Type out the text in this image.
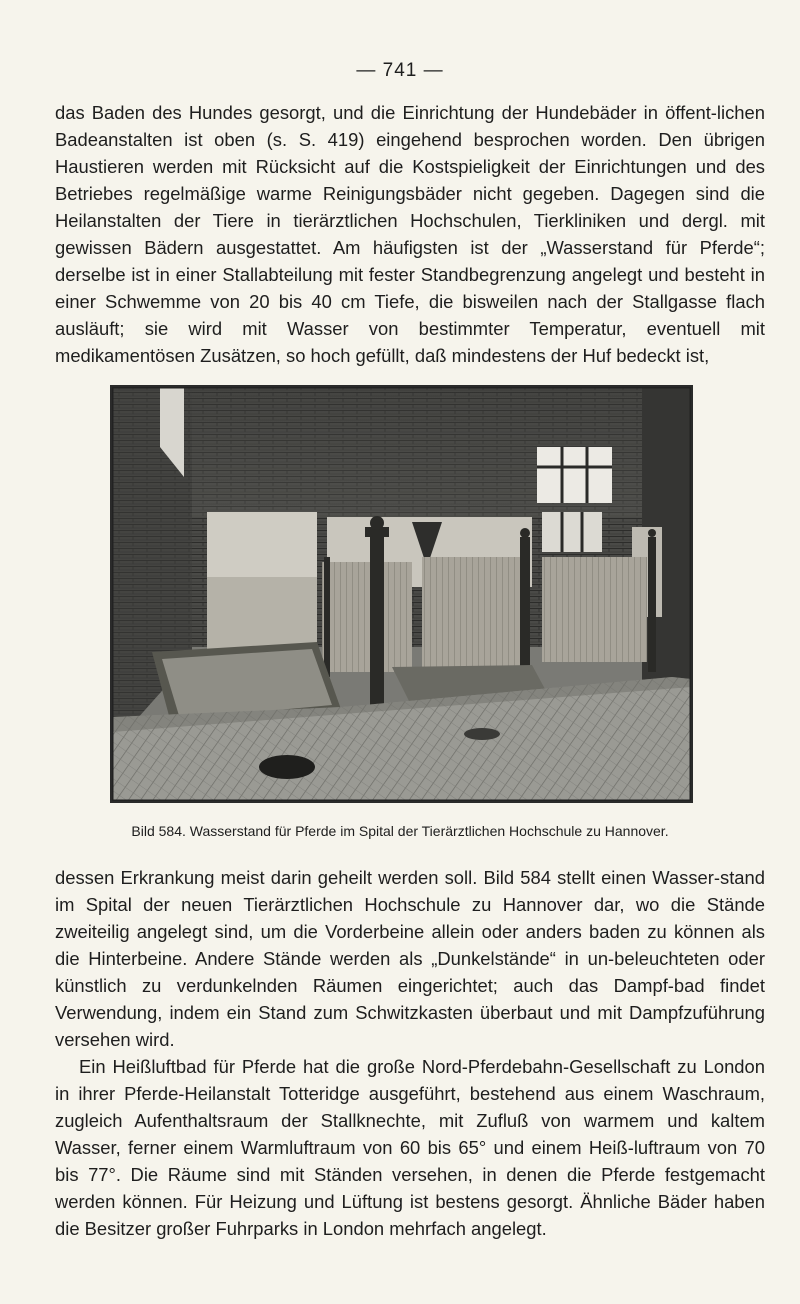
— 741 —

das Baden des Hundes gesorgt, und die Einrichtung der Hundebäder in öffent-lichen Badeanstalten ist oben (s. S. 419) eingehend besprochen worden. Den übrigen Haustieren werden mit Rücksicht auf die Kostspieligkeit der Einrichtungen und des Betriebes regelmäßige warme Reinigungsbäder nicht gegeben. Dagegen sind die Heilanstalten der Tiere in tierärztlichen Hochschulen, Tierkliniken und dergl. mit gewissen Bädern ausgestattet. Am häufigsten ist der „Wasserstand für Pferde“; derselbe ist in einer Stallabteilung mit fester Standbegrenzung angelegt und besteht in einer Schwemme von 20 bis 40 cm Tiefe, die bisweilen nach der Stallgasse flach ausläuft; sie wird mit Wasser von bestimmter Temperatur, eventuell mit medikamentösen Zusätzen, so hoch gefüllt, daß mindestens der Huf bedeckt ist,

Bild 584. Wasserstand für Pferde im Spital der Tierärztlichen Hochschule zu Hannover.

dessen Erkrankung meist darin geheilt werden soll. Bild 584 stellt einen Wasser-stand im Spital der neuen Tierärztlichen Hochschule zu Hannover dar, wo die Stände zweiteilig angelegt sind, um die Vorderbeine allein oder anders baden zu können als die Hinterbeine. Andere Stände werden als „Dunkelstände“ in un-beleuchteten oder künstlich zu verdunkelnden Räumen eingerichtet; auch das Dampf-bad findet Verwendung, indem ein Stand zum Schwitzkasten überbaut und mit Dampfzuführung versehen wird.

Ein Heißluftbad für Pferde hat die große Nord-Pferdebahn-Gesellschaft zu London in ihrer Pferde-Heilanstalt Totteridge ausgeführt, bestehend aus einem Waschraum, zugleich Aufenthaltsraum der Stallknechte, mit Zufluß von warmem und kaltem Wasser, ferner einem Warmluftraum von 60 bis 65° und einem Heiß-luftraum von 70 bis 77°. Die Räume sind mit Ständen versehen, in denen die Pferde festgemacht werden können. Für Heizung und Lüftung ist bestens gesorgt. Ähnliche Bäder haben die Besitzer großer Fuhrparks in London mehrfach angelegt.
